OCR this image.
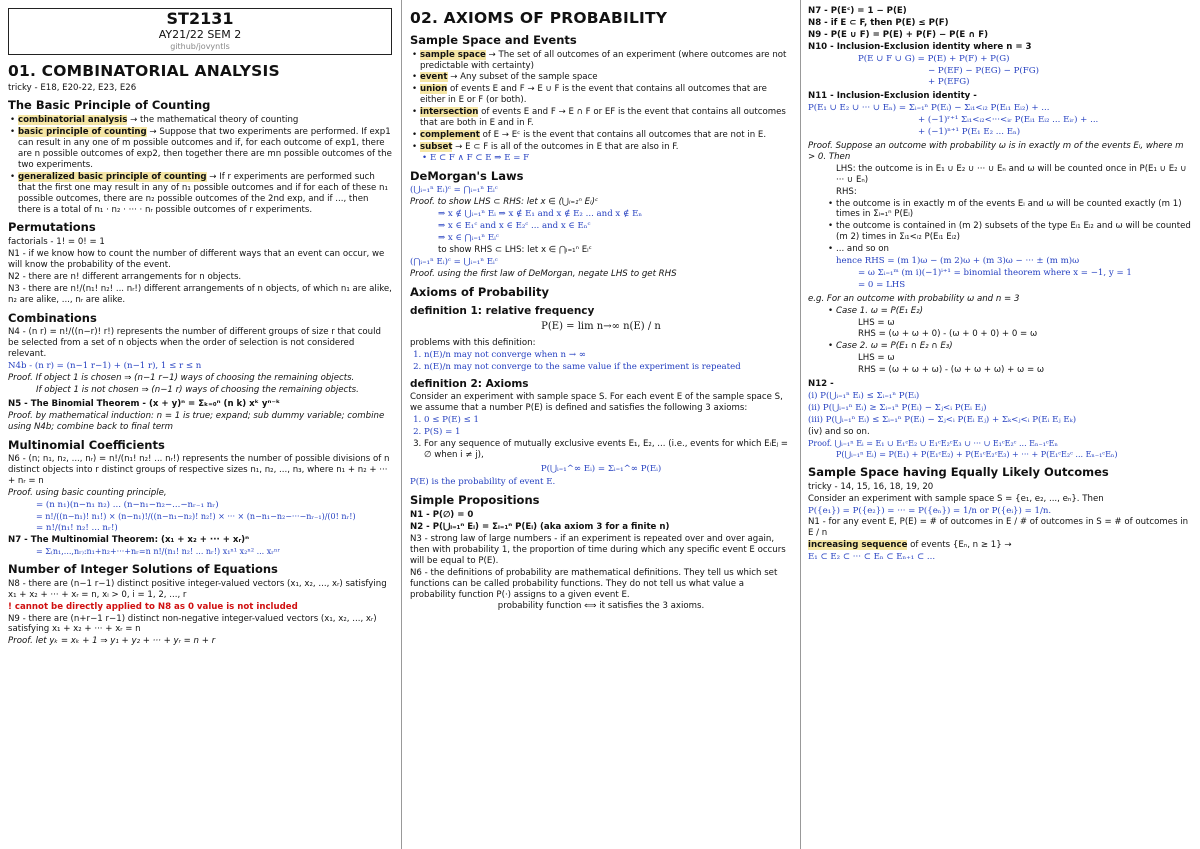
ST2131
AY21/22 SEM 2
github/jovyntls
01. COMBINATORIAL ANALYSIS

tricky - E18, E20-22, E23, E26

The Basic Principle of Counting
• combinatorial analysis → the mathematical theory of counting
• basic principle of counting → Suppose that two experiments are performed. If exp1 can result in any one of m possible outcomes and if, for each outcome of exp1, there are n possible outcomes of exp2, then together there are mn possible outcomes of the two experiments.
• generalized basic principle of counting → If r experiments are performed such that the first one may result in any of n₁ possible outcomes and if for each of these n₁ possible outcomes, there are n₂ possible outcomes of the 2nd exp, and if ..., then there is a total of n₁ · n₂ · ··· · nᵣ possible outcomes of r experiments.
Permutations

factorials - 1! = 0! = 1

N1 - if we know how to count the number of different ways that an event can occur, we will know the probability of the event.

N2 - there are n! different arrangements for n objects.

N3 - there are n!/(n₁! n₂! ... nᵣ!) different arrangements of n objects, of which n₁ are alike, n₂ are alike, ..., nᵣ are alike.

Combinations

N4 - (n r) = n!/((n−r)! r!) represents the number of different groups of size r that could be selected from a set of n objects when the order of selection is not considered relevant.

N4b - (n r) = (n−1 r−1) + (n−1 r), 1 ≤ r ≤ n

Proof. If object 1 is chosen ⇒ (n−1 r−1) ways of choosing the remaining objects.

If object 1 is not chosen ⇒ (n−1 r) ways of choosing the remaining objects.

N5 - The Binomial Theorem - (x + y)ⁿ = Σₖ₌₀ⁿ (n k) xᵏ yⁿ⁻ᵏ

Proof. by mathematical induction: n = 1 is true; expand; sub dummy variable; combine using N4b; combine back to final term

Multinomial Coefficients

N6 - (n; n₁, n₂, ..., nᵣ) = n!/(n₁! n₂! ... nᵣ!) represents the number of possible divisions of n distinct objects into r distinct groups of respective sizes n₁, n₂, ..., n₃, where n₁ + n₂ + ··· + nᵣ = n

Proof. using basic counting principle,

= (n n₁)(n−n₁ n₂) ... (n−n₁−n₂−...−nᵣ₋₁ nᵣ)

= n!/((n−n₁)! n₁!) × (n−n₁)!/((n−n₁−n₂)! n₂!) × ··· × (n−n₁−n₂−···−nᵣ₋₁)/(0! nᵣ!)

= n!/(n₁! n₂! ... nᵣ!)

N7 - The Multinomial Theorem: (x₁ + x₂ + ··· + xᵣ)ⁿ

= Σ₍n₁,...,nᵣ₎:n₁+n₂+···+nᵣ=n n!/(n₁! n₂! ... nᵣ!) x₁ⁿ¹ x₂ⁿ² ... xᵣⁿʳ

Number of Integer Solutions of Equations

N8 - there are (n−1 r−1) distinct positive integer-valued vectors (x₁, x₂, ..., xᵣ) satisfying x₁ + x₂ + ··· + xᵣ = n, xᵢ > 0, i = 1, 2, ..., r

! cannot be directly applied to N8 as 0 value is not included

N9 - there are (n+r−1 r−1) distinct non-negative integer-valued vectors (x₁, x₂, ..., xᵣ) satisfying x₁ + x₂ + ··· + xᵣ = n

Proof. let yₖ = xₖ + 1 ⇒ y₁ + y₂ + ··· + yᵣ = n + r

02. AXIOMS OF PROBABILITY
Sample Space and Events
• sample space → The set of all outcomes of an experiment (where outcomes are not predictable with certainty)
• event → Any subset of the sample space
• union of events E and F → E ∪ F is the event that contains all outcomes that are either in E or F (or both).
• intersection of events E and F → E ∩ F or EF is the event that contains all outcomes that are both in E and in F.
• complement of E → Eᶜ is the event that contains all outcomes that are not in E.
• subset → E ⊂ F is all of the outcomes in E that are also in F.
• E ⊂ F ∧ F ⊂ E ⇒ E = F
DeMorgan's Laws

(⋃ᵢ₌₁ⁿ Eᵢ)ᶜ = ⋂ᵢ₌₁ⁿ Eᵢᶜ

Proof. to show LHS ⊂ RHS: let x ∈ (⋃ᵢ₌₁ⁿ Eᵢ)ᶜ

⇒ x ∉ ⋃ᵢ₌₁ⁿ Eᵢ ⇒ x ∉ E₁ and x ∉ E₂ ... and x ∉ Eₙ

⇒ x ∈ E₁ᶜ and x ∈ E₂ᶜ ... and x ∈ Eₙᶜ

⇒ x ∈ ⋂ᵢ₌₁ⁿ Eᵢᶜ

to show RHS ⊂ LHS: let x ∈ ⋂ᵢ₌₁ⁿ Eᵢᶜ

(⋂ᵢ₌₁ⁿ Eᵢ)ᶜ = ⋃ᵢ₌₁ⁿ Eᵢᶜ

Proof. using the first law of DeMorgan, negate LHS to get RHS

Axioms of Probability
definition 1: relative frequency

P(E) = lim n→∞ n(E) / n

problems with this definition:

1. n(E)/n may not converge when n → ∞
2. n(E)/n may not converge to the same value if the experiment is repeated
definition 2: Axioms

Consider an experiment with sample space S. For each event E of the sample space S, we assume that a number P(E) is defined and satisfies the following 3 axioms:

1. 0 ≤ P(E) ≤ 1
2. P(S) = 1
3. For any sequence of mutually exclusive events E₁, E₂, ... (i.e., events for which EᵢEⱼ = ∅ when i ≠ j),

P(⋃ᵢ₌₁^∞ Eᵢ) = Σᵢ₌₁^∞ P(Eᵢ)

P(E) is the probability of event E.

Simple Propositions

N1 - P(∅) = 0

N2 - P(⋃ᵢ₌₁ⁿ Eᵢ) = Σᵢ₌₁ⁿ P(Eᵢ) (aka axiom 3 for a finite n)

N3 - strong law of large numbers - if an experiment is repeated over and over again, then with probability 1, the proportion of time during which any specific event E occurs will be equal to P(E).

N6 - the definitions of probability are mathematical definitions. They tell us which set functions can be called probability functions. They do not tell us what value a probability function P(·) assigns to a given event E.

probability function ⟺ it satisfies the 3 axioms.

N7 - P(Eᶜ) = 1 − P(E)

N8 - if E ⊂ F, then P(E) ≤ P(F)

N9 - P(E ∪ F) = P(E) + P(F) − P(E ∩ F)

N10 - Inclusion-Exclusion identity where n = 3

P(E ∪ F ∪ G) = P(E) + P(F) + P(G)

− P(EF) − P(EG) − P(FG)

+ P(EFG)

N11 - Inclusion-Exclusion identity -

P(E₁ ∪ E₂ ∪ ··· ∪ Eₙ) = Σᵢ₌₁ⁿ P(Eᵢ) − Σᵢ₁<ᵢ₂ P(Eᵢ₁ Eᵢ₂) + ...

+ (−1)ʳ⁺¹ Σᵢ₁<ᵢ₂<···<ᵢᵣ P(Eᵢ₁ Eᵢ₂ ... Eᵢᵣ) + ...

+ (−1)ⁿ⁺¹ P(E₁ E₂ ... Eₙ)

Proof. Suppose an outcome with probability ω is in exactly m of the events Eᵢ, where m > 0. Then

LHS: the outcome is in E₁ ∪ E₂ ∪ ··· ∪ Eₙ and ω will be counted once in P(E₁ ∪ E₂ ∪ ··· ∪ Eₙ)

RHS:

• the outcome is in exactly m of the events Eᵢ and ω will be counted exactly (m 1) times in Σᵢ₌₁ⁿ P(Eᵢ)
• the outcome is contained in (m 2) subsets of the type Eᵢ₁ Eᵢ₂ and ω will be counted (m 2) times in Σᵢ₁<ᵢ₂ P(Eᵢ₁ Eᵢ₂)
• ... and so on

hence RHS = (m 1)ω − (m 2)ω + (m 3)ω − ··· ± (m m)ω

= ω Σᵢ₌₁ᵐ (m i)(−1)ⁱ⁺¹ = binomial theorem where x = −1, y = 1

= 0 = LHS

e.g. For an outcome with probability ω and n = 3

• Case 1. ω = P(E₁ E₂)

LHS = ω

RHS = (ω + ω + 0) - (ω + 0 + 0) + 0 = ω

• Case 2. ω = P(E₁ ∩ E₂ ∩ E₃)

LHS = ω

RHS = (ω + ω + ω) - (ω + ω + ω) + ω = ω

N12 -

(i) P(⋃ᵢ₌₁ⁿ Eᵢ) ≤ Σᵢ₌₁ⁿ P(Eᵢ)

(ii) P(⋃ᵢ₌₁ⁿ Eᵢ) ≥ Σᵢ₌₁ⁿ P(Eᵢ) − Σⱼ<ᵢ P(Eᵢ Eⱼ)

(iii) P(⋃ᵢ₌₁ⁿ Eᵢ) ≤ Σᵢ₌₁ⁿ P(Eᵢ) − Σⱼ<ᵢ P(Eᵢ Eⱼ) + Σₖ<ⱼ<ᵢ P(Eᵢ Eⱼ Eₖ)

(iv) and so on.

Proof. ⋃ᵢ₌₁ⁿ Eᵢ = E₁ ∪ E₁ᶜE₂ ∪ E₁ᶜE₂ᶜE₃ ∪ ··· ∪ E₁ᶜE₂ᶜ ... Eₙ₋₁ᶜEₙ

P(⋃ᵢ₌₁ⁿ Eᵢ) = P(E₁) + P(E₁ᶜE₂) + P(E₁ᶜE₂ᶜE₃) + ··· + P(E₁ᶜE₂ᶜ ... Eₙ₋₁ᶜEₙ)

Sample Space having Equally Likely Outcomes

tricky - 14, 15, 16, 18, 19, 20

Consider an experiment with sample space S = {e₁, e₂, ..., eₙ}. Then

P({e₁}) = P({e₂}) = ··· = P({eₙ}) = 1/n or P({eᵢ}) = 1/n.

N1 - for any event E, P(E) = # of outcomes in E / # of outcomes in S = # of outcomes in E / n

increasing sequence of events {Eₙ, n ≥ 1} →

E₁ ⊂ E₂ ⊂ ··· ⊂ Eₙ ⊂ Eₙ₊₁ ⊂ ...
